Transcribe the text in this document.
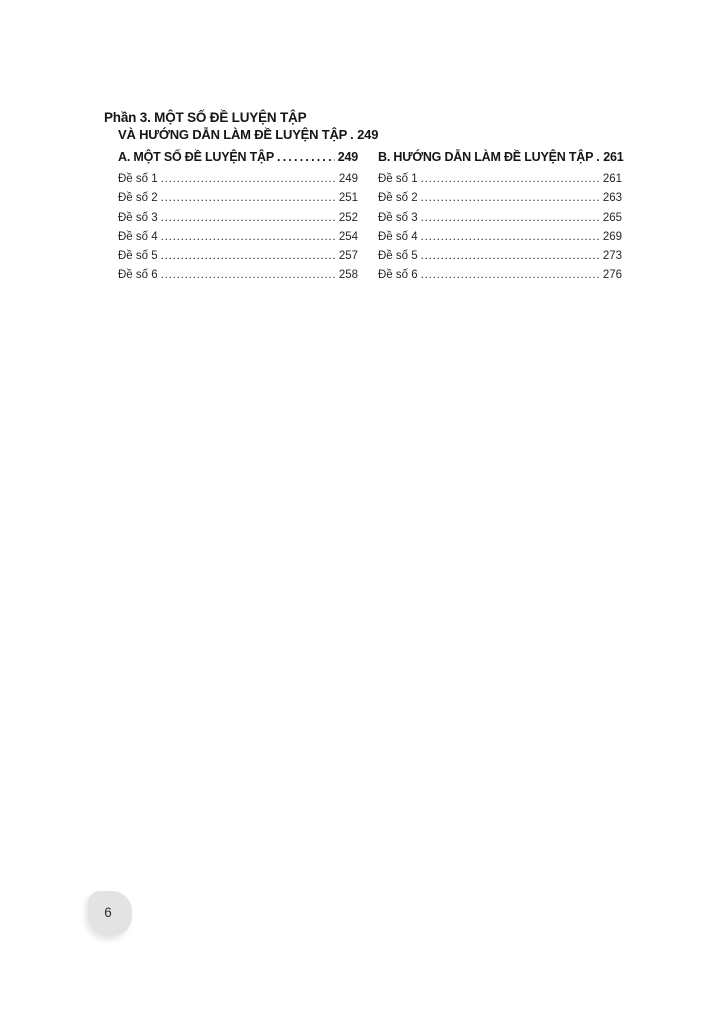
Phần 3. MỘT SỐ ĐỀ LUYỆN TẬP
VÀ HƯỚNG DẪN LÀM ĐỀ LUYỆN TẬP ..... 249
A. MỘT SỐ ĐỀ LUYỆN TẬP .....	249
Đề số 1 .....	249
Đề số 2 .....	251
Đề số 3 .....	252
Đề số 4 .....	254
Đề số 5 .....	257
Đề số 6 .....	258
B. HƯỚNG DẪN LÀM ĐỀ LUYỆN TẬP ..... 261
Đề số 1 .....	261
Đề số 2 .....	263
Đề số 3 .....	265
Đề số 4 .....	269
Đề số 5 .....	273
Đề số 6 .....	276
6
